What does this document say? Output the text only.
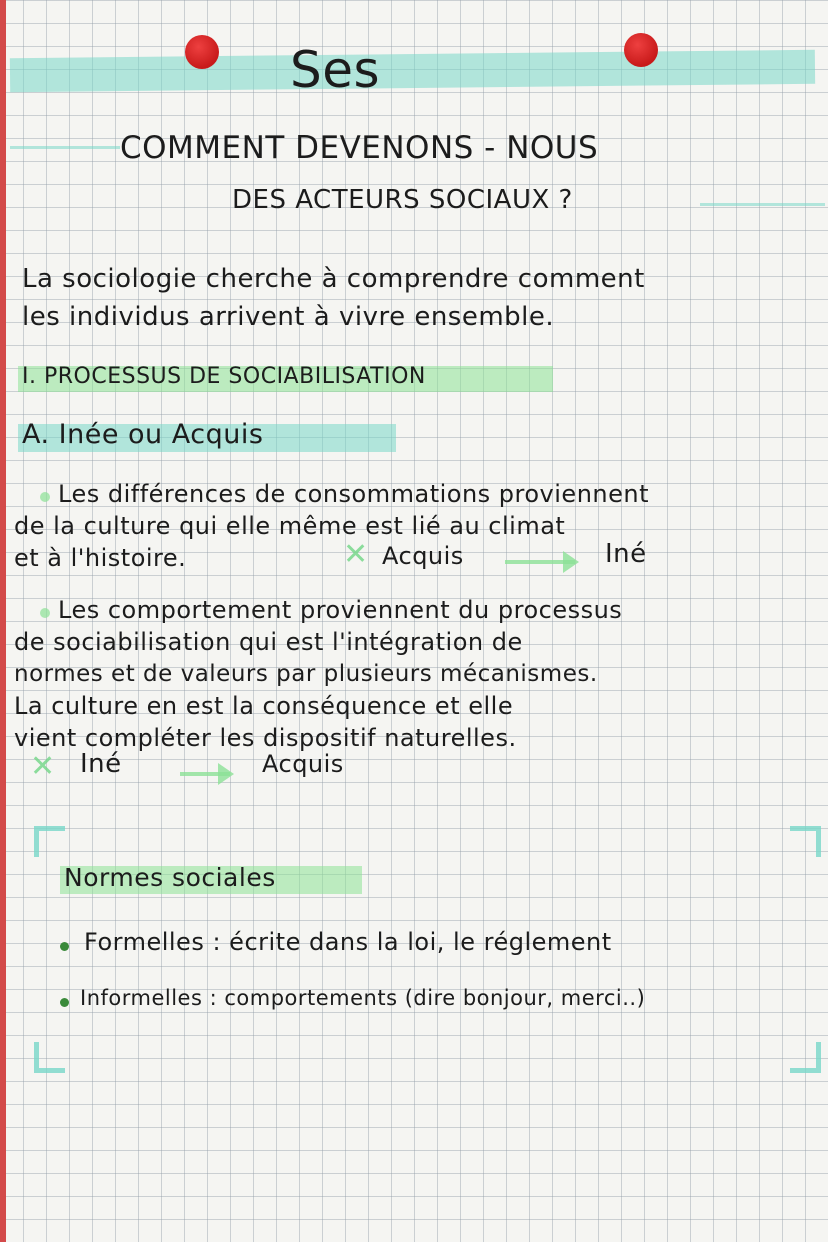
Ses
COMMENT DEVENONS - NOUS
DES ACTEURS SOCIAUX ?
La sociologie cherche à comprendre comment
les individus arrivent à vivre ensemble.
I. PROCESSUS DE SOCIABILISATION
A. Inée ou Acquis
Les différences de consommations proviennent
de la culture qui elle même est lié au climat
et à l'histoire.	✕ Acquis	Iné
Les comportement proviennent du processus
de sociabilisation qui est l'intégration de
normes et de valeurs par plusieurs mécanismes.
La culture en est la conséquence et elle
vient compléter les dispositif naturelles.
✕ Iné	Acquis
Normes sociales
Formelles : écrite dans la loi, le réglement
Informelles : comportements (dire bonjour, merci..)
